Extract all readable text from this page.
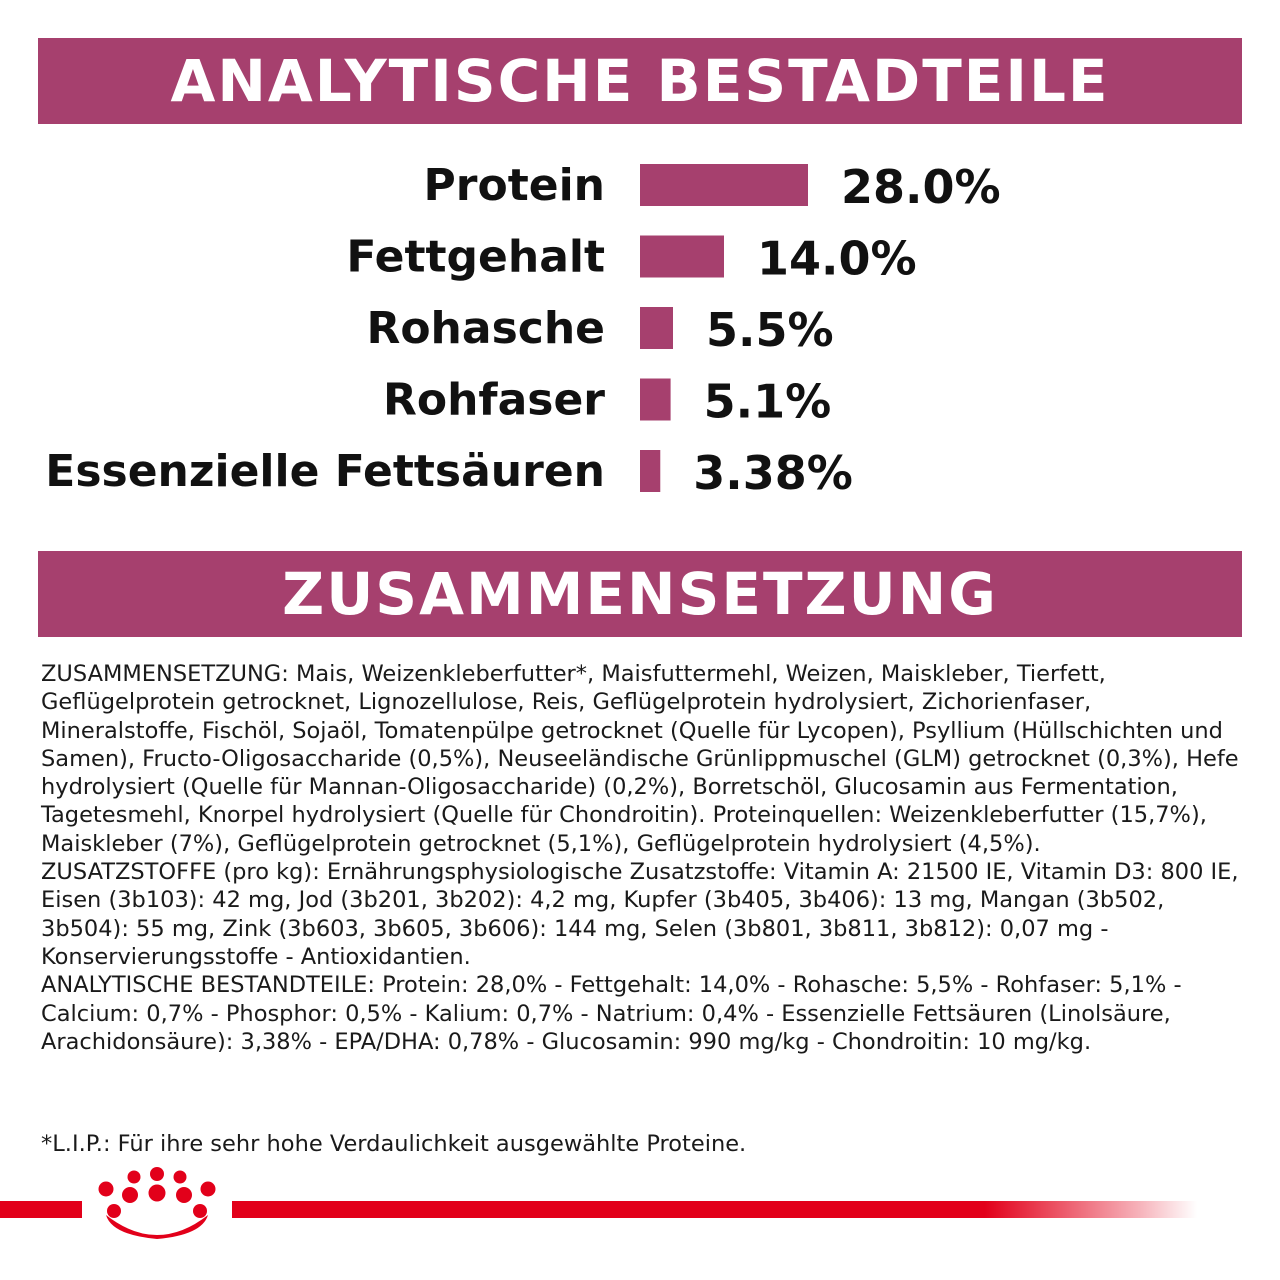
ANALYTISCHE BESTADTEILE
Protein	28.0%
Fettgehalt	14.0%
Rohasche 5.5%
Rohfaser 5.1%
Essenzielle Fettsäuren 3.38%
ZUSAMMENSETZUNG

ZUSAMMENSETZUNG: Mais, Weizenkleberfutter*, Maisfuttermehl, Weizen, Maiskleber, Tierfett, Geflügelprotein getrocknet, Lignozellulose, Reis, Geflügelprotein hydrolysiert, Zichorienfaser, Mineralstoffe, Fischöl, Sojaöl, Tomatenpülpe getrocknet (Quelle für Lycopen), Psyllium (Hüllschichten und Samen), Fructo-Oligosaccharide (0,5%), Neuseeländische Grünlippmuschel (GLM) getrocknet (0,3%), Hefe hydrolysiert (Quelle für Mannan-Oligosaccharide) (0,2%), Borretschöl, Glucosamin aus Fermentation, Tagetesmehl, Knorpel hydrolysiert (Quelle für Chondroitin). Proteinquellen: Weizenkleberfutter (15,7%), Maiskleber (7%), Geflügelprotein getrocknet (5,1%), Geflügelprotein hydrolysiert (4,5%).

ZUSATZSTOFFE (pro kg): Ernährungsphysiologische Zusatzstoffe: Vitamin A: 21500 IE, Vitamin D3: 800 IE, Eisen (3b103): 42 mg, Jod (3b201, 3b202): 4,2 mg, Kupfer (3b405, 3b406): 13 mg, Mangan (3b502, 3b504): 55 mg, Zink (3b603, 3b605, 3b606): 144 mg, Selen (3b801, 3b811, 3b812): 0,07 mg - Konservierungsstoffe - Antioxidantien.

ANALYTISCHE BESTANDTEILE: Protein: 28,0% - Fettgehalt: 14,0% - Rohasche: 5,5% - Rohfaser: 5,1% - Calcium: 0,7% - Phosphor: 0,5% - Kalium: 0,7% - Natrium: 0,4% - Essenzielle Fettsäuren (Linolsäure, Arachidonsäure): 3,38% - EPA/DHA: 0,78% - Glucosamin: 990 mg/kg - Chondroitin: 10 mg/kg.

*L.I.P.: Für ihre sehr hohe Verdaulichkeit ausgewählte Proteine.
